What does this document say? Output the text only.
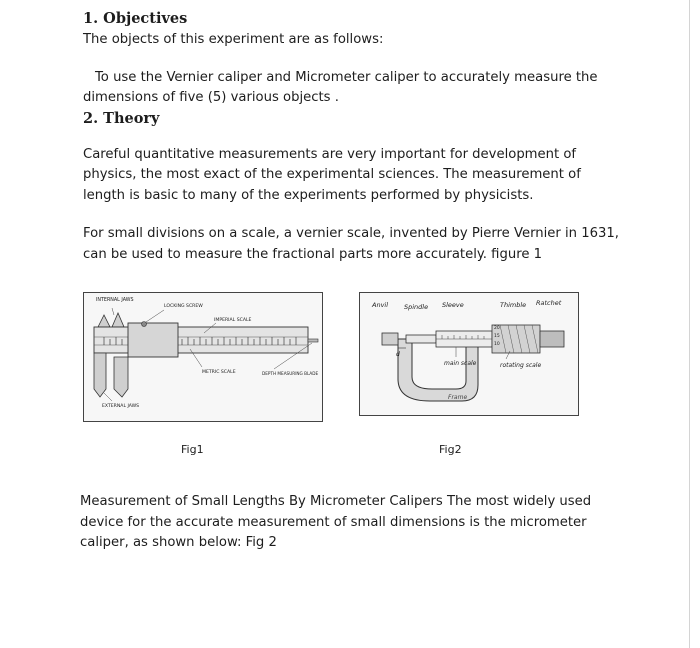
1. Objectives

The objects of this experiment are as follows:

To use the Vernier caliper and Micrometer caliper to accurately measure the dimensions of five (5) various objects .

2. Theory

Careful quantitative measurements are very important for development of physics, the most exact of the experimental sciences. The measurement of length is basic to many of the experiments performed by physicists.

For small divisions on a scale, a vernier scale, invented by Pierre Vernier in 1631, can be used to measure the fractional parts more accurately. figure 1

INTERNAL JAWS
LOCKING SCREW
IMPERIAL SCALE
METRIC SCALE	DEPTH MEASURING BLADE
EXTERNAL JAWS
20
15
10
d
Anvil Spindle Sleeve	Thimble Ratchet
main scale	rotating scale
Frame
Fig1	Fig2

Measurement of Small Lengths By Micrometer Calipers The most widely used device for the accurate measurement of small dimensions is the micrometer caliper, as shown below: Fig 2
